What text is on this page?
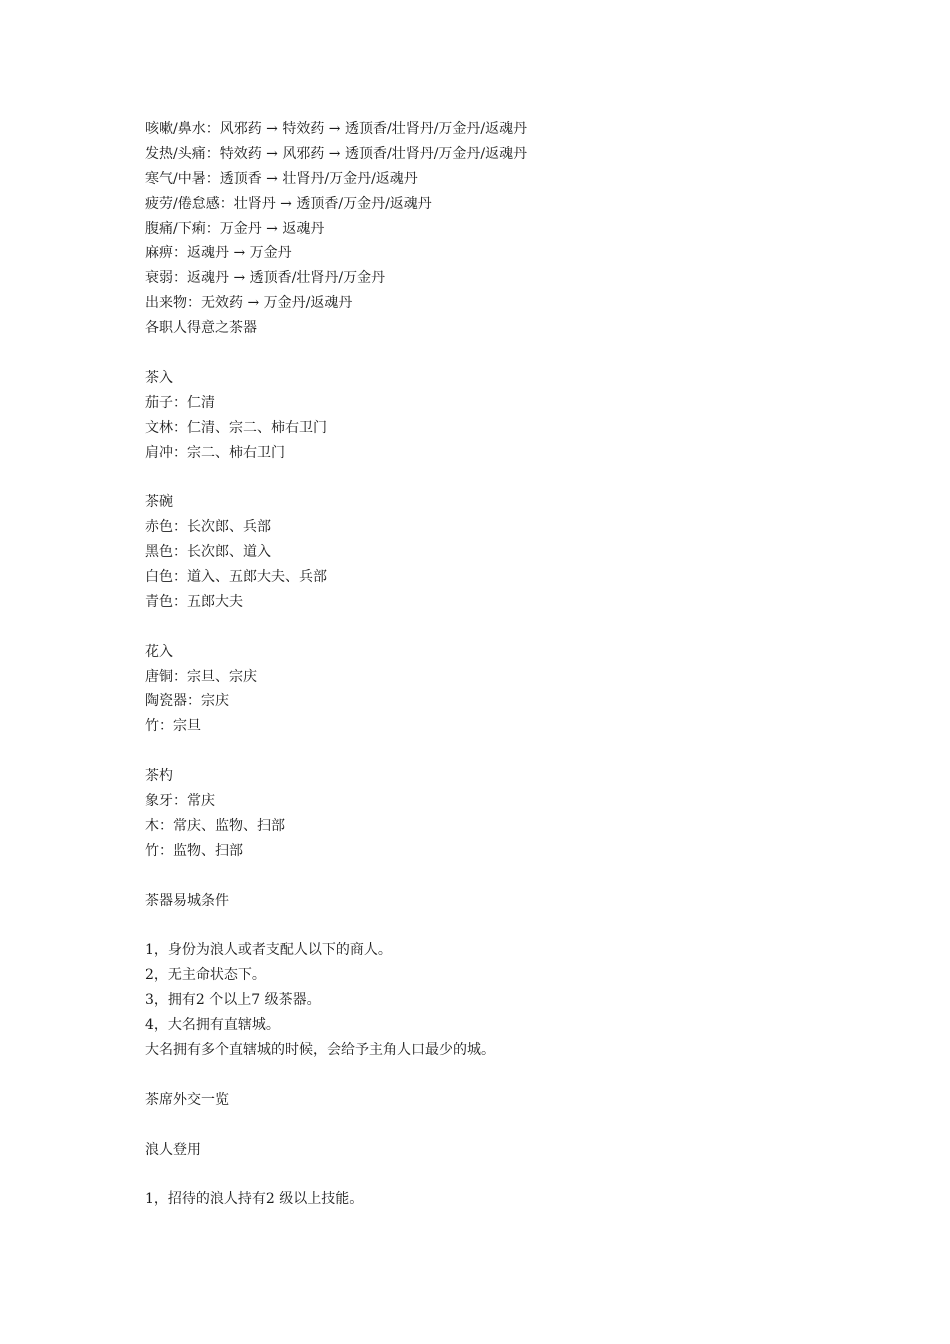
咳嗽/鼻水：风邪药 → 特效药 → 透顶香/壮肾丹/万金丹/返魂丹
发热/头痛：特效药 → 风邪药 → 透顶香/壮肾丹/万金丹/返魂丹
寒气/中暑：透顶香 → 壮肾丹/万金丹/返魂丹
疲劳/倦怠感：壮肾丹 → 透顶香/万金丹/返魂丹
腹痛/下痢：万金丹 → 返魂丹
麻痹：返魂丹 → 万金丹
衰弱：返魂丹 → 透顶香/壮肾丹/万金丹
出来物：无效药 → 万金丹/返魂丹
各职人得意之茶器
茶入
茄子：仁清
文林：仁清、宗二、柿右卫门
肩冲：宗二、柿右卫门
茶碗
赤色：长次郎、兵部
黑色：长次郎、道入
白色：道入、五郎大夫、兵部
青色：五郎大夫
花入
唐铜：宗旦、宗庆
陶瓷器：宗庆
竹：宗旦
茶杓
象牙：常庆
木：常庆、监物、扫部
竹：监物、扫部
茶器易城条件
1，身份为浪人或者支配人以下的商人。
2，无主命状态下。
3，拥有2 个以上7 级茶器。
4，大名拥有直辖城。
大名拥有多个直辖城的时候，会给予主角人口最少的城。
茶席外交一览
浪人登用
1，招待的浪人持有2 级以上技能。
